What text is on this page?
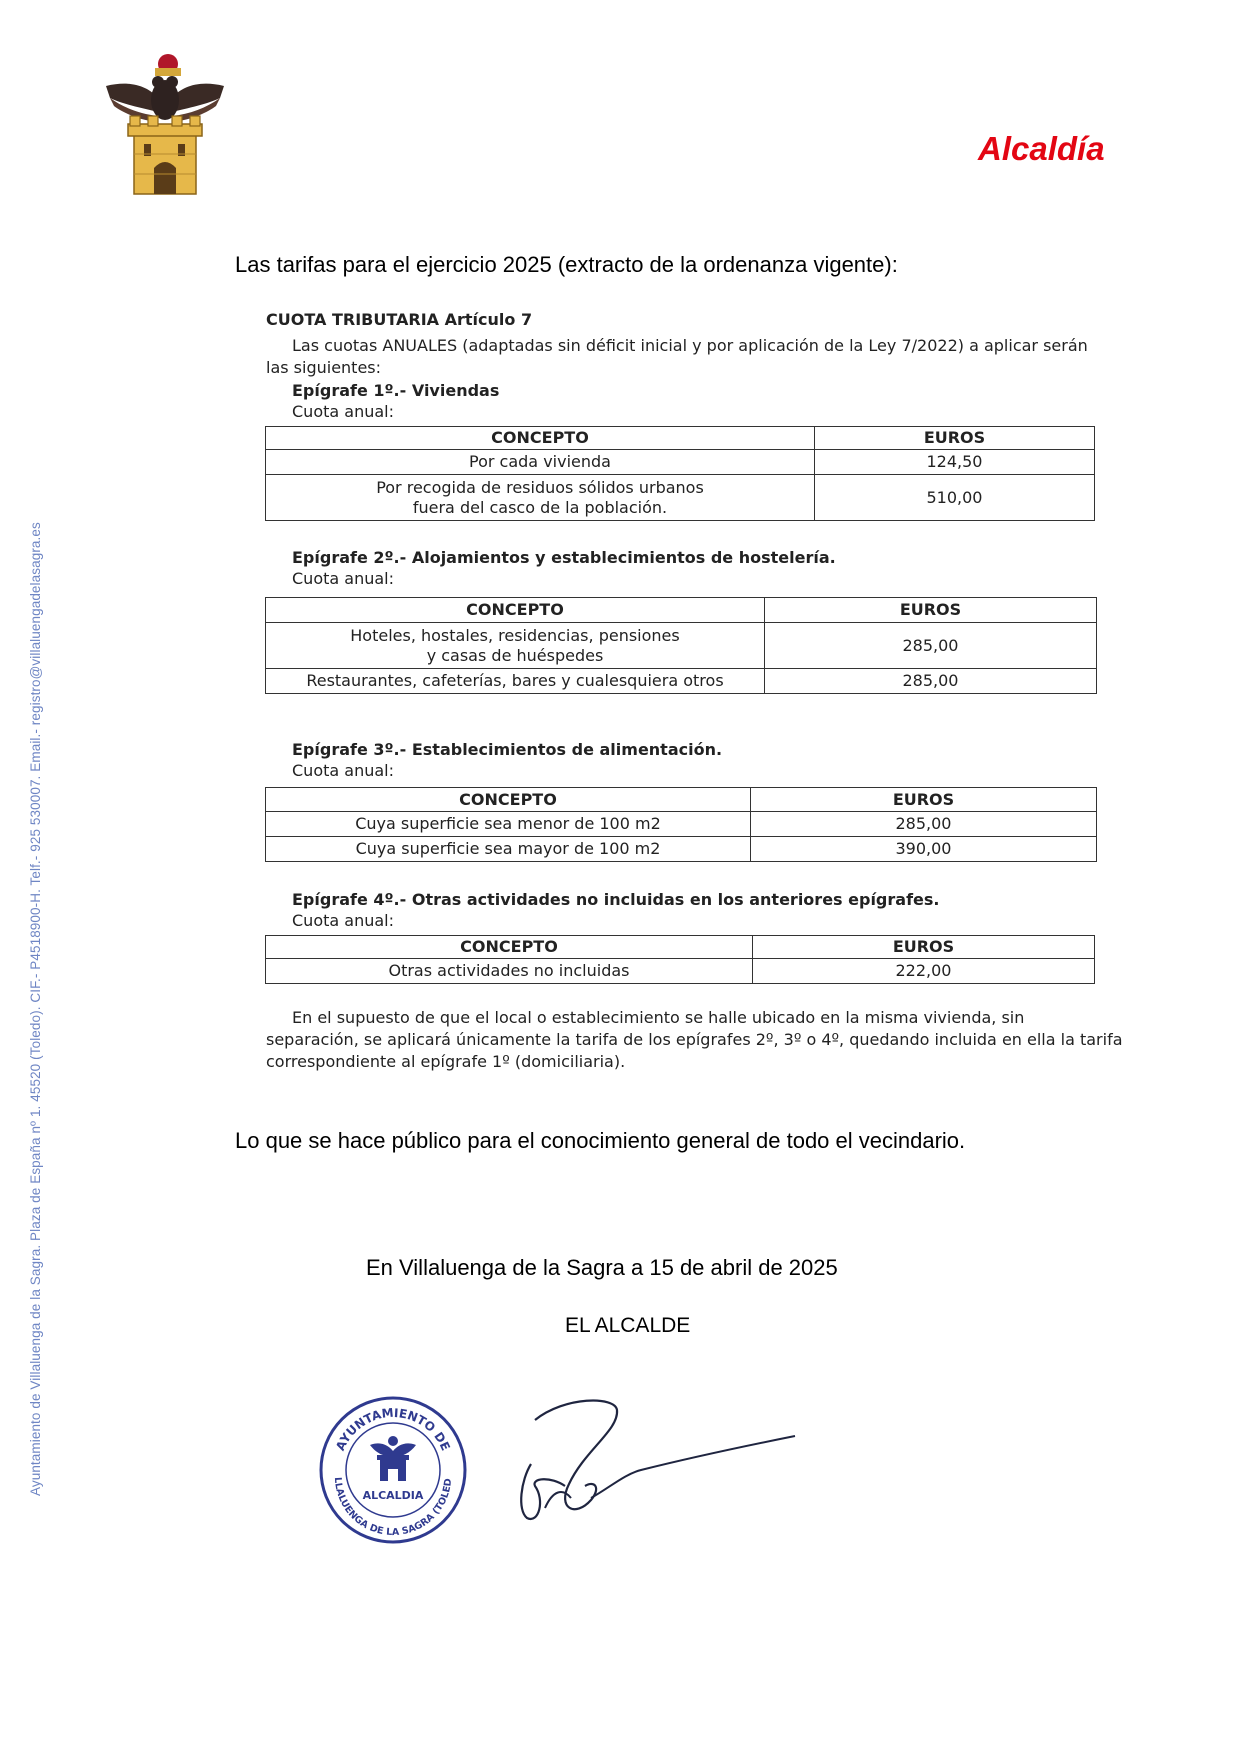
Ayuntamiento de Villaluenga de la Sagra. Plaza de España nº 1. 45520 (Toledo). CIF.- P4518900-H. Telf.- 925 530007. Email.- registro@villaluengadelasagra.es
Alcaldía
Las tarifas para el ejercicio 2025 (extracto de la ordenanza vigente):
CUOTA TRIBUTARIA Artículo 7
Las cuotas ANUALES (adaptadas sin déficit inicial y por aplicación de la Ley 7/2022) a aplicar serán
las siguientes:
Epígrafe 1º.- Viviendas
Cuota anual:
CONCEPTO	EUROS
Por cada vivienda	124,50
Por recogida de residuos sólidos urbanos
fuera del casco de la población.	510,00
Epígrafe 2º.- Alojamientos y establecimientos de hostelería.
Cuota anual:
CONCEPTO	EUROS
Hoteles, hostales, residencias, pensiones
y casas de huéspedes	285,00
Restaurantes, cafeterías, bares y cualesquiera otros	285,00
Epígrafe 3º.- Establecimientos de alimentación.
Cuota anual:
CONCEPTO	EUROS
Cuya superficie sea menor de 100 m2	285,00
Cuya superficie sea mayor de 100 m2	390,00
Epígrafe 4º.- Otras actividades no incluidas en los anteriores epígrafes.
Cuota anual:
CONCEPTO	EUROS
Otras actividades no incluidas	222,00
En el supuesto de que el local o establecimiento se halle ubicado en la misma vivienda, sin
separación, se aplicará únicamente la tarifa de los epígrafes 2º, 3º o 4º, quedando incluida en ella la tarifa
correspondiente al epígrafe 1º (domiciliaria).
Lo que se hace público para el conocimiento general de todo el vecindario.
En Villaluenga de la Sagra a 15 de abril de 2025
EL ALCALDE
AYUNTAMIENTO DE
LLALUENGA DE LA SAGRA (TOLED
ALCALDIA
